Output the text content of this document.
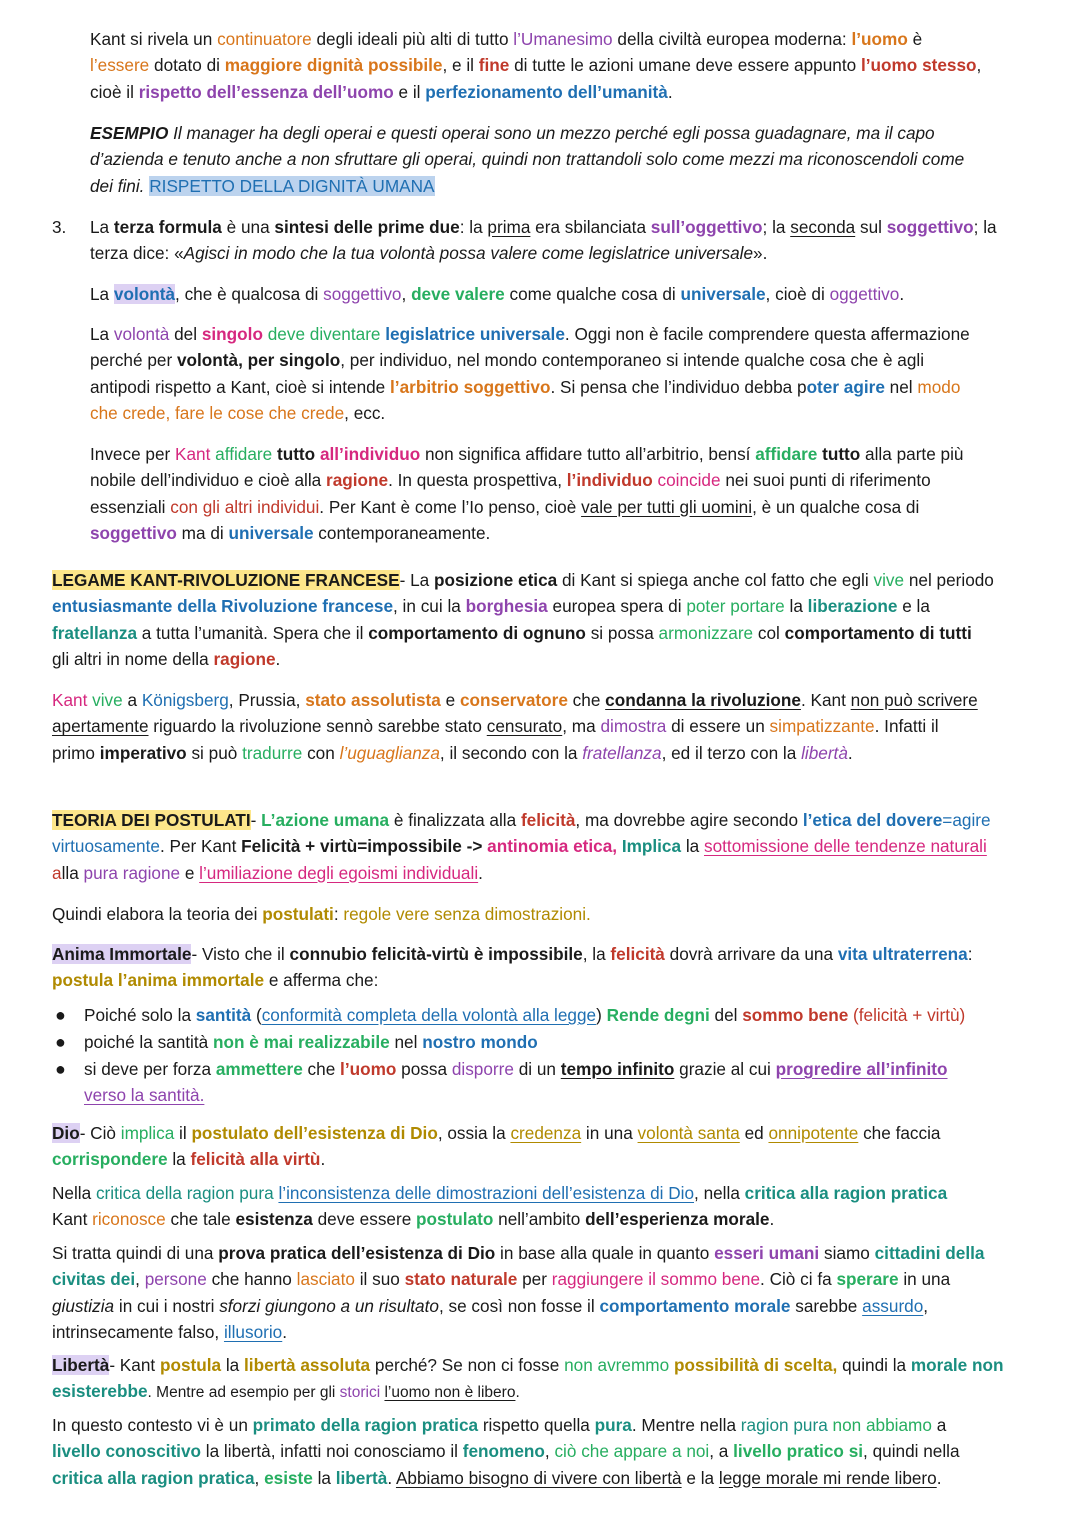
Kant si rivela un continuatore degli ideali più alti di tutto l’Umanesimo della civiltà europea moderna: l’uomo è
l’essere dotato di maggiore dignità possibile, e il fine di tutte le azioni umane deve essere appunto l’uomo stesso,
cioè il rispetto dell’essenza dell’uomo e il perfezionamento dell’umanità.
ESEMPIO Il manager ha degli operai e questi operai sono un mezzo perché egli possa guadagnare, ma il capo
d’azienda e tenuto anche a non sfruttare gli operai, quindi non trattandoli solo come mezzi ma riconoscendoli come
dei fini. RISPETTO DELLA DIGNITÀ UMANA
3. La terza formula è una sintesi delle prime due: la prima era sbilanciata sull’oggettivo; la seconda sul soggettivo; la
terza dice: «Agisci in modo che la tua volontà possa valere come legislatrice universale».
La volontà, che è qualcosa di soggettivo, deve valere come qualche cosa di universale, cioè di oggettivo.
La volontà del singolo deve diventare legislatrice universale. Oggi non è facile comprendere questa affermazione
perché per volontà, per singolo, per individuo, nel mondo contemporaneo si intende qualche cosa che è agli
antipodi rispetto a Kant, cioè si intende l’arbitrio soggettivo. Si pensa che l’individuo debba poter agire nel modo
che crede, fare le cose che crede, ecc.
Invece per Kant affidare tutto all’individuo non significa affidare tutto all’arbitrio, bensí affidare tutto alla parte più
nobile dell’individuo e cioè alla ragione. In questa prospettiva, l’individuo coincide nei suoi punti di riferimento
essenziali con gli altri individui. Per Kant è come l’Io penso, cioè vale per tutti gli uomini, è un qualche cosa di
soggettivo ma di universale contemporaneamente.
LEGAME KANT-RIVOLUZIONE FRANCESE- La posizione etica di Kant si spiega anche col fatto che egli vive nel periodo
entusiasmante della Rivoluzione francese, in cui la borghesia europea spera di poter portare la liberazione e la
fratellanza a tutta l’umanità. Spera che il comportamento di ognuno si possa armonizzare col comportamento di tutti
gli altri in nome della ragione.
Kant vive a Königsberg, Prussia, stato assolutista e conservatore che condanna la rivoluzione. Kant non può scrivere
apertamente riguardo la rivoluzione sennò sarebbe stato censurato, ma dimostra di essere un simpatizzante. Infatti il
primo imperativo si può tradurre con l’uguaglianza, il secondo con la fratellanza, ed il terzo con la libertà.
TEORIA DEI POSTULATI- L’azione umana è finalizzata alla felicità, ma dovrebbe agire secondo l’etica del dovere=agire
virtuosamente. Per Kant Felicità + virtù=impossibile -> antinomia etica, Implica la sottomissione delle tendenze naturali
alla pura ragione e l’umiliazione degli egoismi individuali.
Quindi elabora la teoria dei postulati: regole vere senza dimostrazioni.
Anima Immortale- Visto che il connubio felicità-virtù è impossibile, la felicità dovrà arrivare da una vita ultraterrena:
postula l’anima immortale e afferma che:
● Poiché solo la santità (conformità completa della volontà alla legge) Rende degni del sommo bene (felicità + virtù)
● poiché la santità non è mai realizzabile nel nostro mondo
● si deve per forza ammettere che l’uomo possa disporre di un tempo infinito grazie al cui progredire all’infinito
verso la santità.
Dio- Ciò implica il postulato dell’esistenza di Dio, ossia la credenza in una volontà santa ed onnipotente che faccia
corrispondere la felicità alla virtù.
Nella critica della ragion pura l’inconsistenza delle dimostrazioni dell’esistenza di Dio, nella critica alla ragion pratica
Kant riconosce che tale esistenza deve essere postulato nell’ambito dell’esperienza morale.
Si tratta quindi di una prova pratica dell’esistenza di Dio in base alla quale in quanto esseri umani siamo cittadini della
civitas dei, persone che hanno lasciato il suo stato naturale per raggiungere il sommo bene. Ciò ci fa sperare in una
giustizia in cui i nostri sforzi giungono a un risultato, se così non fosse il comportamento morale sarebbe assurdo,
intrinsecamente falso, illusorio.
Libertà- Kant postula la libertà assoluta perché? Se non ci fosse non avremmo possibilità di scelta, quindi la morale non
esisterebbe. Mentre ad esempio per gli storici l’uomo non è libero.
In questo contesto vi è un primato della ragion pratica rispetto quella pura. Mentre nella ragion pura non abbiamo a
livello conoscitivo la libertà, infatti noi conosciamo il fenomeno, ciò che appare a noi, a livello pratico si, quindi nella
critica alla ragion pratica, esiste la libertà. Abbiamo bisogno di vivere con libertà e la legge morale mi rende libero.
